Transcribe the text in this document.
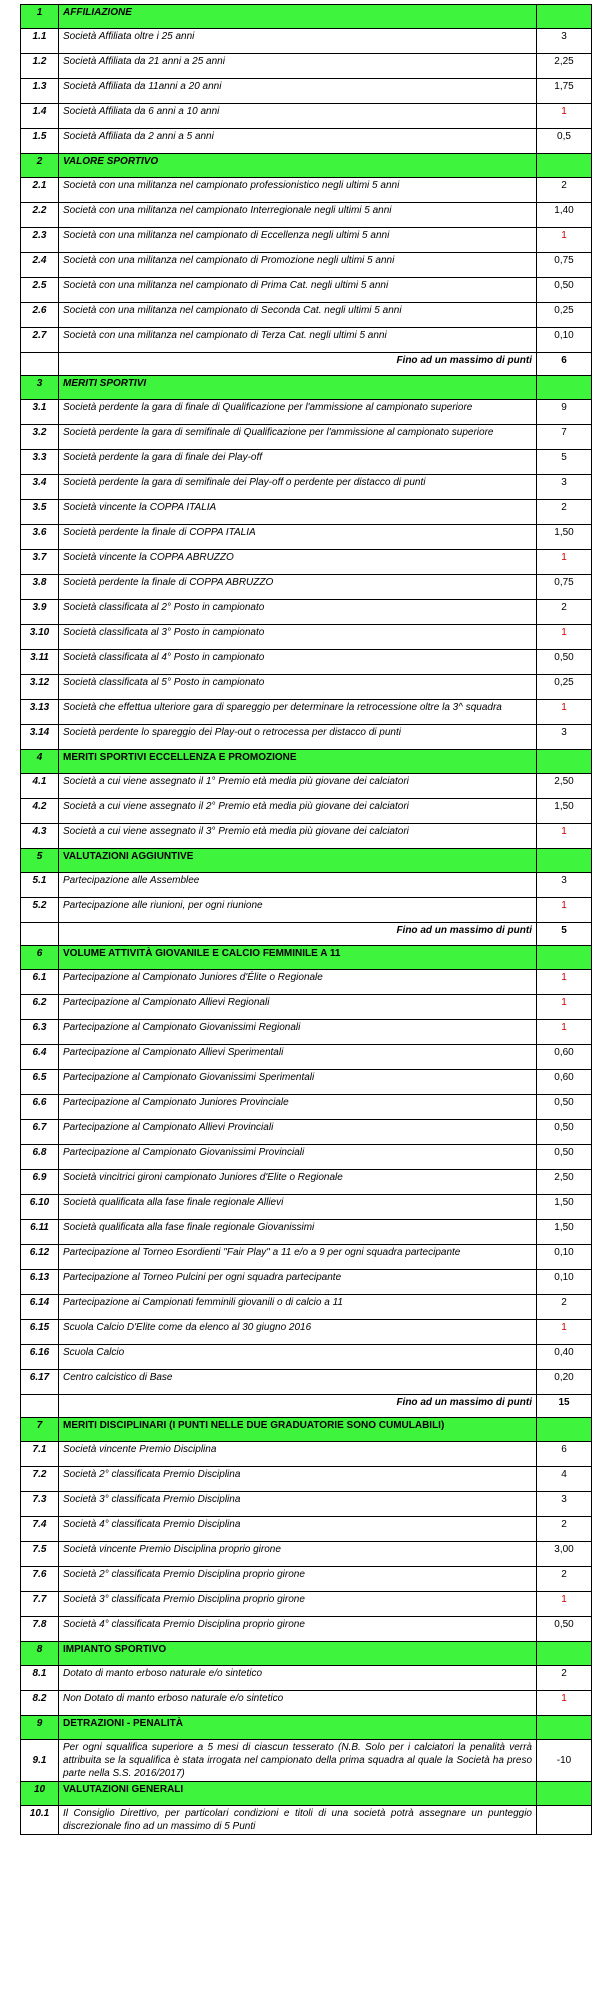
1	AFFILIAZIONE	
1.1	Società Affiliata oltre i 25 anni	3
1.2	Società Affiliata da 21 anni a 25 anni	2,25
1.3	Società Affiliata da 11anni a 20 anni	1,75
1.4	Società Affiliata da 6 anni a 10 anni	1
1.5	Società Affiliata da 2 anni a 5 anni	0,5
2	VALORE SPORTIVO	
2.1	Società con una militanza nel campionato professionistico negli ultimi 5 anni	2
2.2	Società con una militanza nel campionato Interregionale negli ultimi 5 anni	1,40
2.3	Società con una militanza nel campionato di Eccellenza negli ultimi 5 anni	1
2.4	Società con una militanza nel campionato di Promozione negli ultimi 5 anni	0,75
2.5	Società con una militanza nel campionato di Prima Cat. negli ultimi 5 anni	0,50
2.6	Società con una militanza nel campionato di Seconda Cat. negli ultimi 5 anni	0,25
2.7	Società con una militanza nel campionato di Terza Cat. negli ultimi 5 anni	0,10
	Fino ad un massimo di punti	6
3	MERITI SPORTIVI	
3.1	Società perdente la gara di finale di Qualificazione per l'ammissione al campionato superiore	9
3.2	Società perdente la gara di semifinale di Qualificazione per l'ammissione al campionato superiore	7
3.3	Società perdente la gara di finale dei Play-off	5
3.4	Società perdente la gara di semifinale dei Play-off o perdente per distacco di punti	3
3.5	Società vincente la COPPA ITALIA	2
3.6	Società perdente la finale di COPPA ITALIA	1,50
3.7	Società vincente la COPPA ABRUZZO	1
3.8	Società perdente la finale di COPPA ABRUZZO	0,75
3.9	Società classificata al 2° Posto in campionato	2
3.10	Società classificata al 3° Posto in campionato	1
3.11	Società classificata al 4° Posto in campionato	0,50
3.12	Società classificata al 5° Posto in campionato	0,25
3.13	Società che effettua ulteriore gara di spareggio per determinare la retrocessione oltre la 3^ squadra	1
3.14	Società perdente lo spareggio dei Play-out o retrocessa per distacco di punti	3
4	MERITI SPORTIVI ECCELLENZA E PROMOZIONE	
4.1	Società a cui viene assegnato il 1° Premio età media più giovane dei calciatori	2,50
4.2	Società a cui viene assegnato il 2° Premio età media più giovane dei calciatori	1,50
4.3	Società a cui viene assegnato il 3° Premio età media più giovane dei calciatori	1
5	VALUTAZIONI AGGIUNTIVE	
5.1	Partecipazione alle Assemblee	3
5.2	Partecipazione alle riunioni, per ogni riunione	1
	Fino ad un massimo di punti	5
6	VOLUME ATTIVITÀ GIOVANILE E CALCIO FEMMINILE A 11	
6.1	Partecipazione al Campionato Juniores d'Élite o Regionale	1
6.2	Partecipazione al Campionato Allievi Regionali	1
6.3	Partecipazione al Campionato Giovanissimi Regionali	1
6.4	Partecipazione al Campionato Allievi Sperimentali	0,60
6.5	Partecipazione al Campionato Giovanissimi Sperimentali	0,60
6.6	Partecipazione al Campionato Juniores Provinciale	0,50
6.7	Partecipazione al Campionato Allievi Provinciali	0,50
6.8	Partecipazione al Campionato Giovanissimi Provinciali	0,50
6.9	Società vincitrici gironi campionato Juniores d'Elite o Regionale	2,50
6.10	Società qualificata alla fase finale regionale Allievi	1,50
6.11	Società qualificata alla fase finale regionale Giovanissimi	1,50
6.12	Partecipazione al Torneo Esordienti "Fair Play" a 11 e/o a 9 per ogni squadra partecipante	0,10
6.13	Partecipazione al Torneo Pulcini per ogni squadra partecipante	0,10
6.14	Partecipazione ai Campionati femminili giovanili o di calcio a 11	2
6.15	Scuola Calcio D'Elite come da elenco al 30 giugno 2016	1
6.16	Scuola Calcio	0,40
6.17	Centro calcistico di Base	0,20
	Fino ad un massimo di punti	15
7	MERITI DISCIPLINARI (I PUNTI NELLE DUE GRADUATORIE SONO CUMULABILI)	
7.1	Società vincente Premio Disciplina	6
7.2	Società 2° classificata Premio Disciplina	4
7.3	Società 3° classificata Premio Disciplina	3
7.4	Società 4° classificata Premio Disciplina	2
7.5	Società vincente Premio Disciplina proprio girone	3,00
7.6	Società 2° classificata Premio Disciplina proprio girone	2
7.7	Società 3° classificata Premio Disciplina proprio girone	1
7.8	Società 4° classificata Premio Disciplina proprio girone	0,50
8	IMPIANTO SPORTIVO	
8.1	Dotato di manto erboso naturale e/o sintetico	2
8.2	Non Dotato di manto erboso naturale e/o sintetico	1
9	DETRAZIONI - PENALITÀ	
9.1	Per ogni squalifica superiore a 5 mesi di ciascun tesserato (N.B. Solo per i calciatori la penalità verrà attribuita se la squalifica è stata irrogata nel campionato della prima squadra al quale la Società ha preso parte nella S.S. 2016/2017)	-10
10	VALUTAZIONI GENERALI	
10.1	Il Consiglio Direttivo, per particolari condizioni e titoli di una società potrà assegnare un punteggio discrezionale fino ad un massimo di 5 Punti	
